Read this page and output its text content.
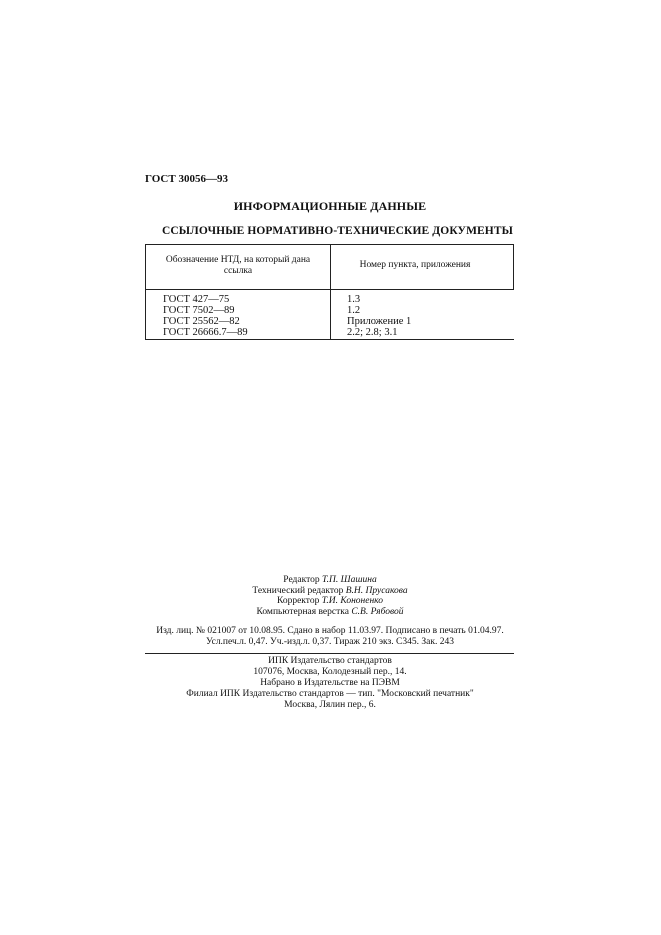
ГОСТ 30056—93
ИНФОРМАЦИОННЫЕ ДАННЫЕ
ССЫЛОЧНЫЕ НОРМАТИВНО-ТЕХНИЧЕСКИЕ ДОКУМЕНТЫ
Обозначение НТД, на который дана ссылка
Номер пункта, приложения
ГОСТ 427—75	1.3
ГОСТ 7502—89	1.2
ГОСТ 25562—82	Приложение 1
ГОСТ 26666.7—89	2.2; 2.8; 3.1
Редактор Т.П. Шашина
Технический редактор В.Н. Прусакова
Корректор Т.И. Кононенко
Компьютерная верстка С.В. Рябовой
Изд. лиц. № 021007 от 10.08.95. Сдано в набор 11.03.97. Подписано в печать 01.04.97.
Усл.печ.л. 0,47. Уч.-изд.л. 0,37. Тираж 210 экз. С345. Зак. 243
ИПК Издательство стандартов
107076, Москва, Колодезный пер., 14.
Набрано в Издательстве на ПЭВМ
Филиал ИПК Издательство стандартов — тип. "Московский печатник"
Москва, Лялин пер., 6.
